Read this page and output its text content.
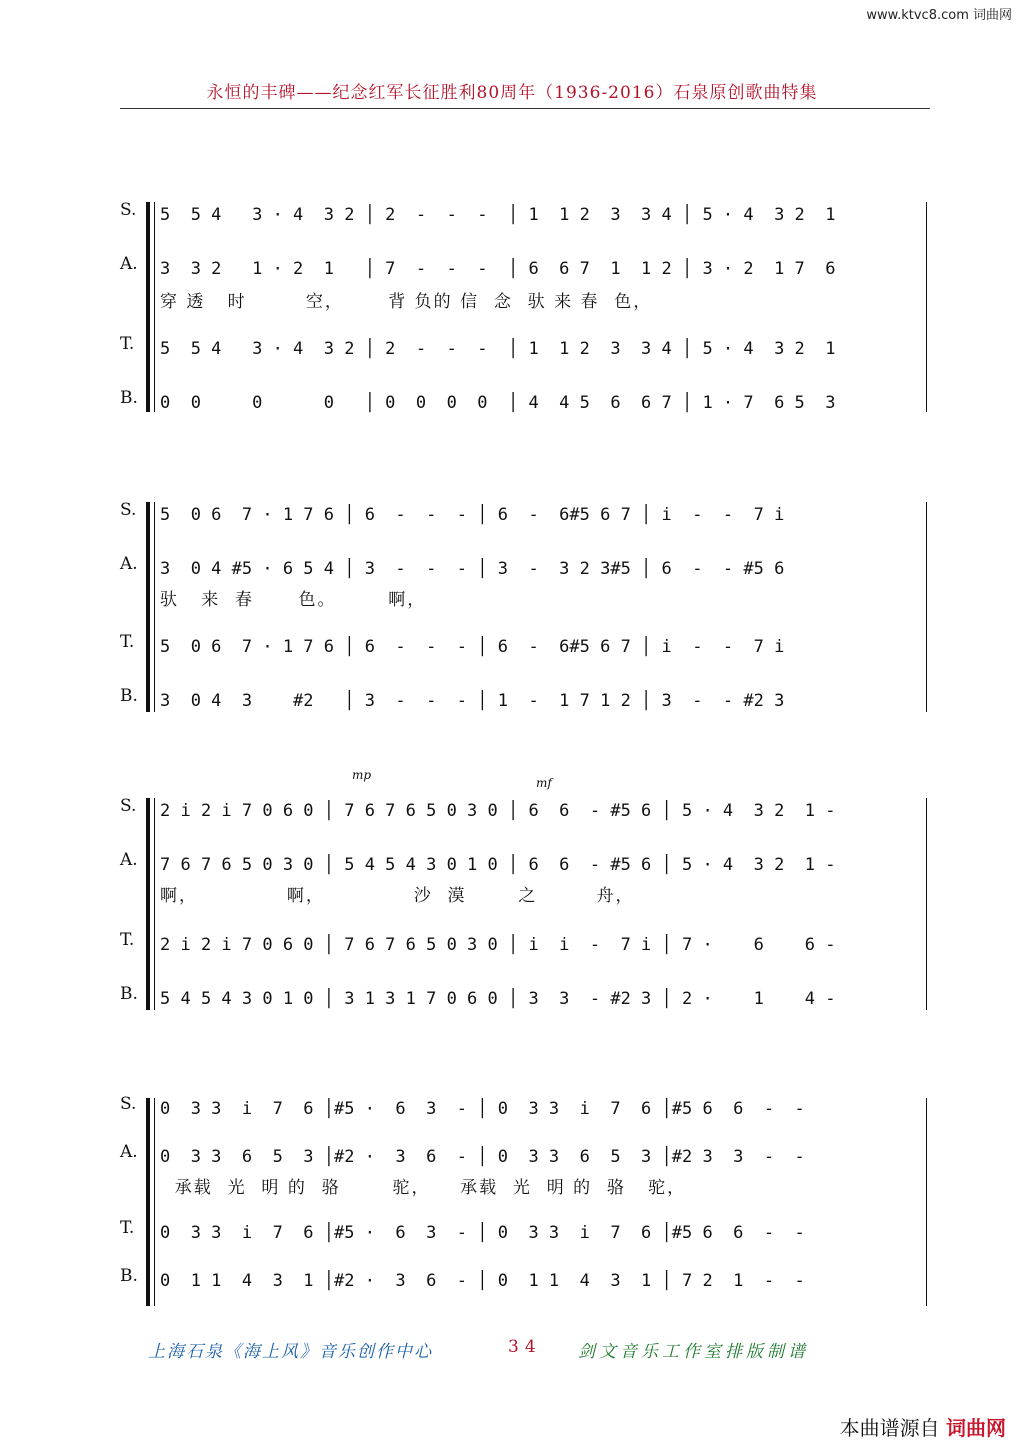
www.ktvc8.com 词曲网
永恒的丰碑——纪念红军长征胜利80周年（1936-2016）石泉原创歌曲特集
S.	5  5 4   3 · 4  3 2 │ 2  -  -  -  │ 1  1 2  3  3 4 │ 5 · 4  3 2  1
A.	3  3 2   1 · 2  1   │ 7  -  -  -  │ 6  6 7  1  1 2 │ 3 · 2  1 7  6
穿 透   时        空，      背 负的 信  念  驮 来 春  色，
T.	5  5 4   3 · 4  3 2 │ 2  -  -  -  │ 1  1 2  3  3 4 │ 5 · 4  3 2  1
B.	0  0     0      0   │ 0  0  0  0  │ 4  4 5  6  6 7 │ 1 · 7  6 5  3
S.	5  0 6  7 · 1 7 6 │ 6  -  -  - │ 6  -  6#5 6 7 │ i  -  -  7 i
A.	3  0 4 #5 · 6 5 4 │ 3  -  -  - │ 3  -  3 2 3#5 │ 6  -  - #5 6
驮   来  春      色。       啊，
T.	5  0 6  7 · 1 7 6 │ 6  -  -  - │ 6  -  6#5 6 7 │ i  -  -  7 i
B.	3  0 4  3    #2   │ 3  -  -  - │ 1  -  1 7 1 2 │ 3  -  - #2 3
mp
mf
S.	2 i 2 i 7 0 6 0 │ 7 6 7 6 5 0 3 0 │ 6  6  - #5 6 │ 5 · 4  3 2  1 -
A.	7 6 7 6 5 0 3 0 │ 5 4 5 4 3 0 1 0 │ 6  6  - #5 6 │ 5 · 4  3 2  1 -
啊，            啊，            沙  漠       之        舟，
T.	2 i 2 i 7 0 6 0 │ 7 6 7 6 5 0 3 0 │ i  i  -  7 i │ 7 ·    6    6 -
B.	5 4 5 4 3 0 1 0 │ 3 1 3 1 7 0 6 0 │ 3  3  - #2 3 │ 2 ·    1    4 -
S.	0  3 3  i  7  6 │#5 ·  6  3  - │ 0  3 3  i  7  6 │#5 6  6  -  -
A.	0  3 3  6  5  3 │#2 ·  3  6  - │ 0  3 3  6  5  3 │#2 3  3  -  -
承载  光  明 的  骆       驼，    承载  光  明 的  骆   驼，
T.	0  3 3  i  7  6 │#5 ·  6  3  - │ 0  3 3  i  7  6 │#5 6  6  -  -
B.	0  1 1  4  3  1 │#2 ·  3  6  - │ 0  1 1  4  3  1 │ 7 2  1  -  -
上海石泉《海上风》音乐创作中心	34 剑文音乐工作室排版制谱
本曲谱源自 词曲网
